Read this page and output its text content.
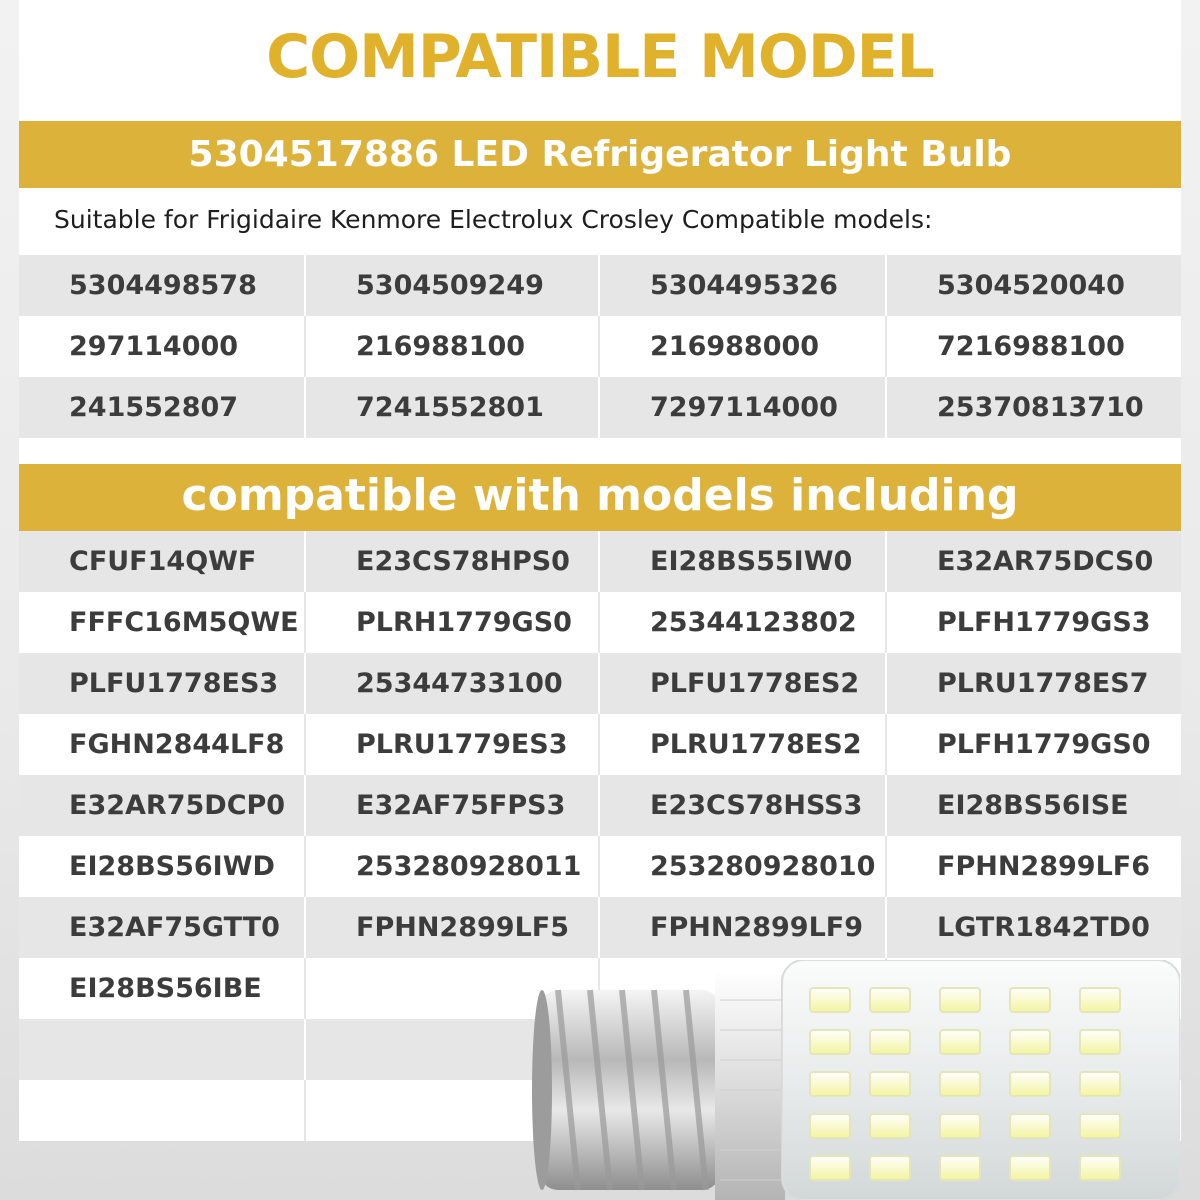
COMPATIBLE MODEL
5304517886 LED Refrigerator Light Bulb
Suitable for Frigidaire Kenmore Electrolux Crosley Compatible models:
5304498578	5304509249	5304495326	5304520040
297114000	216988100	216988000	7216988100
241552807	7241552801	7297114000	25370813710
compatible with models including
CFUF14QWF	E23CS78HPS0	EI28BS55IW0	E32AR75DCS0
FFFC16M5QWE	PLRH1779GS0	25344123802	PLFH1779GS3
PLFU1778ES3	25344733100	PLFU1778ES2	PLRU1778ES7
FGHN2844LF8	PLRU1779ES3	PLRU1778ES2	PLFH1779GS0
E32AR75DCP0	E32AF75FPS3	E23CS78HSS3	EI28BS56ISE
EI28BS56IWD	253280928011	253280928010	FPHN2899LF6
E32AF75GTT0	FPHN2899LF5	FPHN2899LF9	LGTR1842TD0
EI28BS56IBE
